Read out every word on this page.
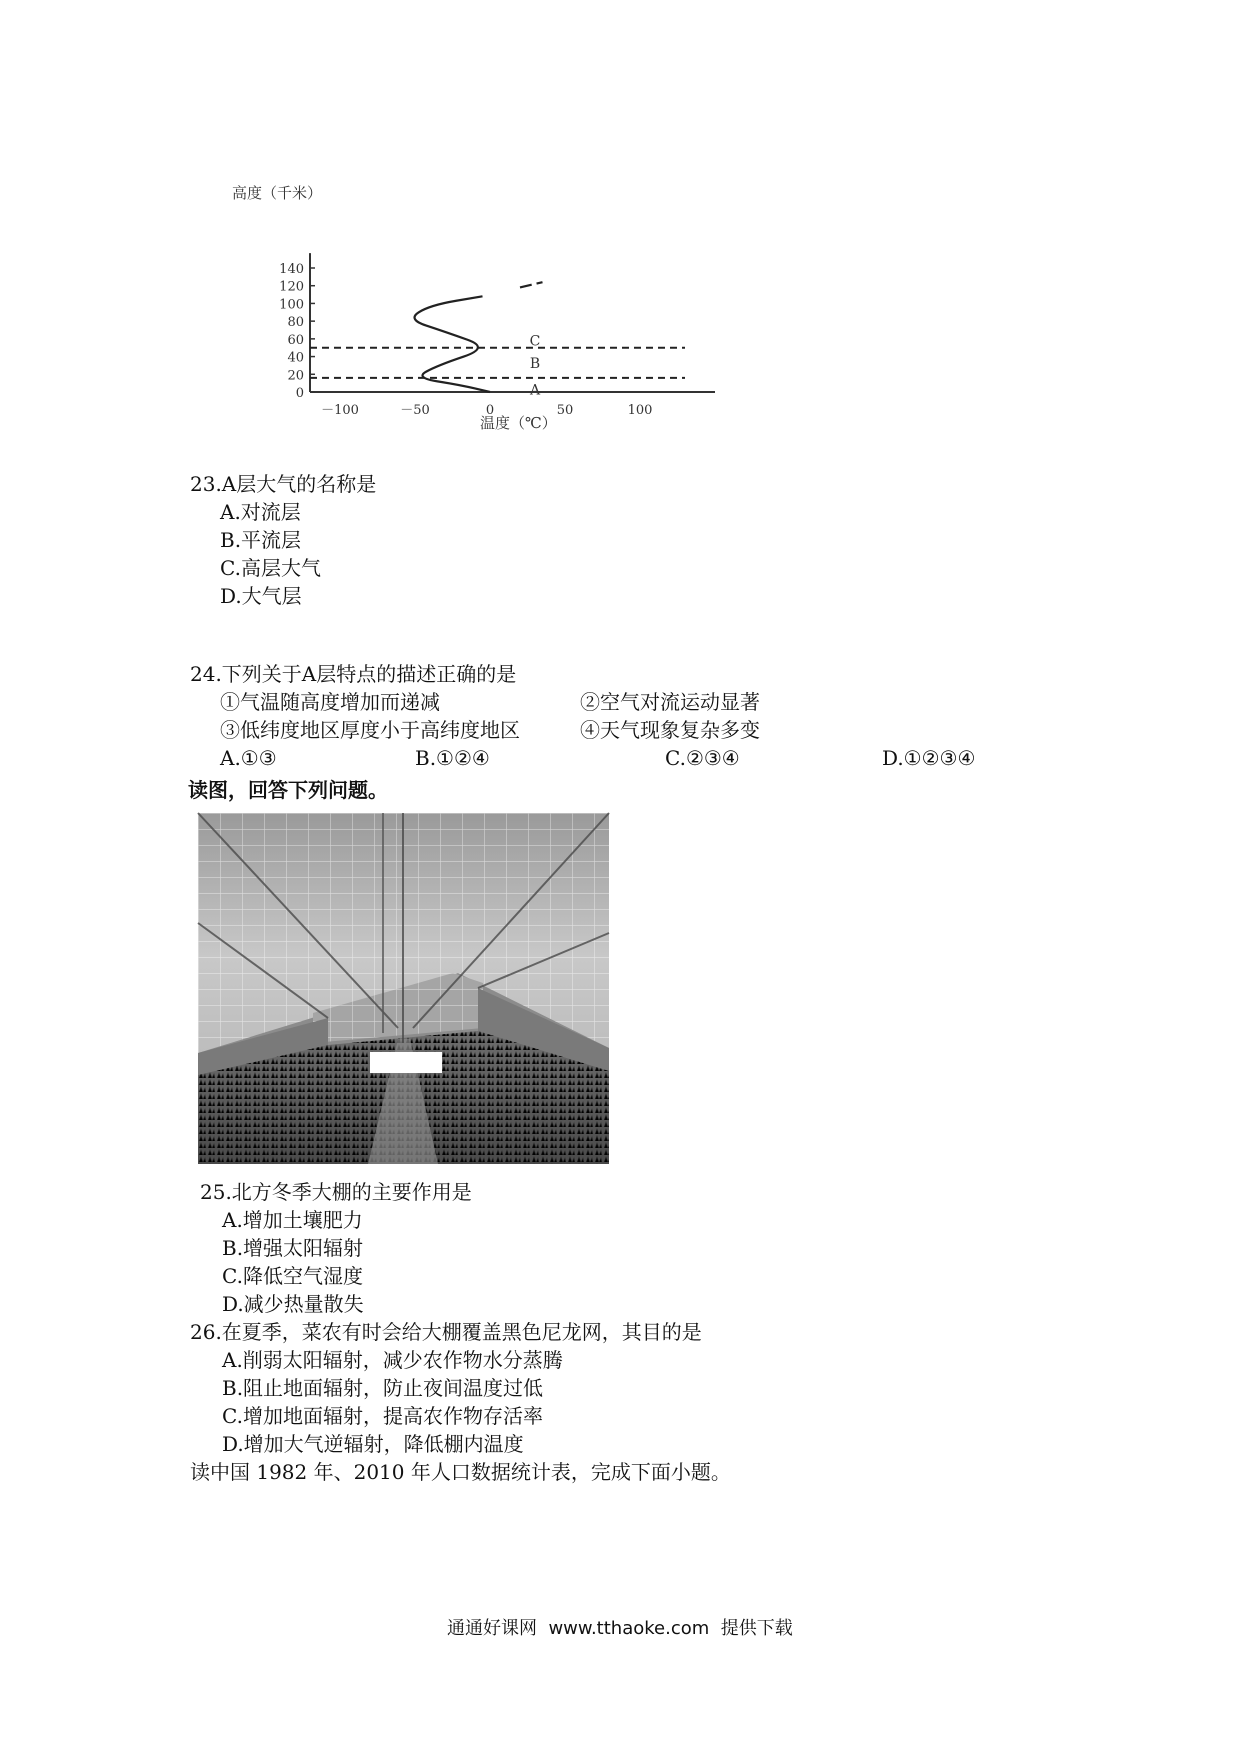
高度（千米）
温度（℃）
0
20
40
60
80
100
120
140
－100	－50	0	50	100
A
B
C
23.A层大气的名称是
A.对流层
B.平流层
C.高层大气
D.大气层
24.下列关于A层特点的描述正确的是
①气温随高度增加而递减	②空气对流运动显著
③低纬度地区厚度小于高纬度地区	④天气现象复杂多变
A.①③	B.①②④	C.②③④	D.①②③④
读图，回答下列问题。
25.北方冬季大棚的主要作用是
A.增加土壤肥力
B.增强太阳辐射
C.降低空气湿度
D.减少热量散失
26.在夏季，菜农有时会给大棚覆盖黑色尼龙网，其目的是
A.削弱太阳辐射，减少农作物水分蒸腾
B.阻止地面辐射，防止夜间温度过低
C.增加地面辐射，提高农作物存活率
D.增加大气逆辐射，降低棚内温度
读中国 1982 年、2010 年人口数据统计表，完成下面小题。
通通好课网  www.tthaoke.com  提供下载
